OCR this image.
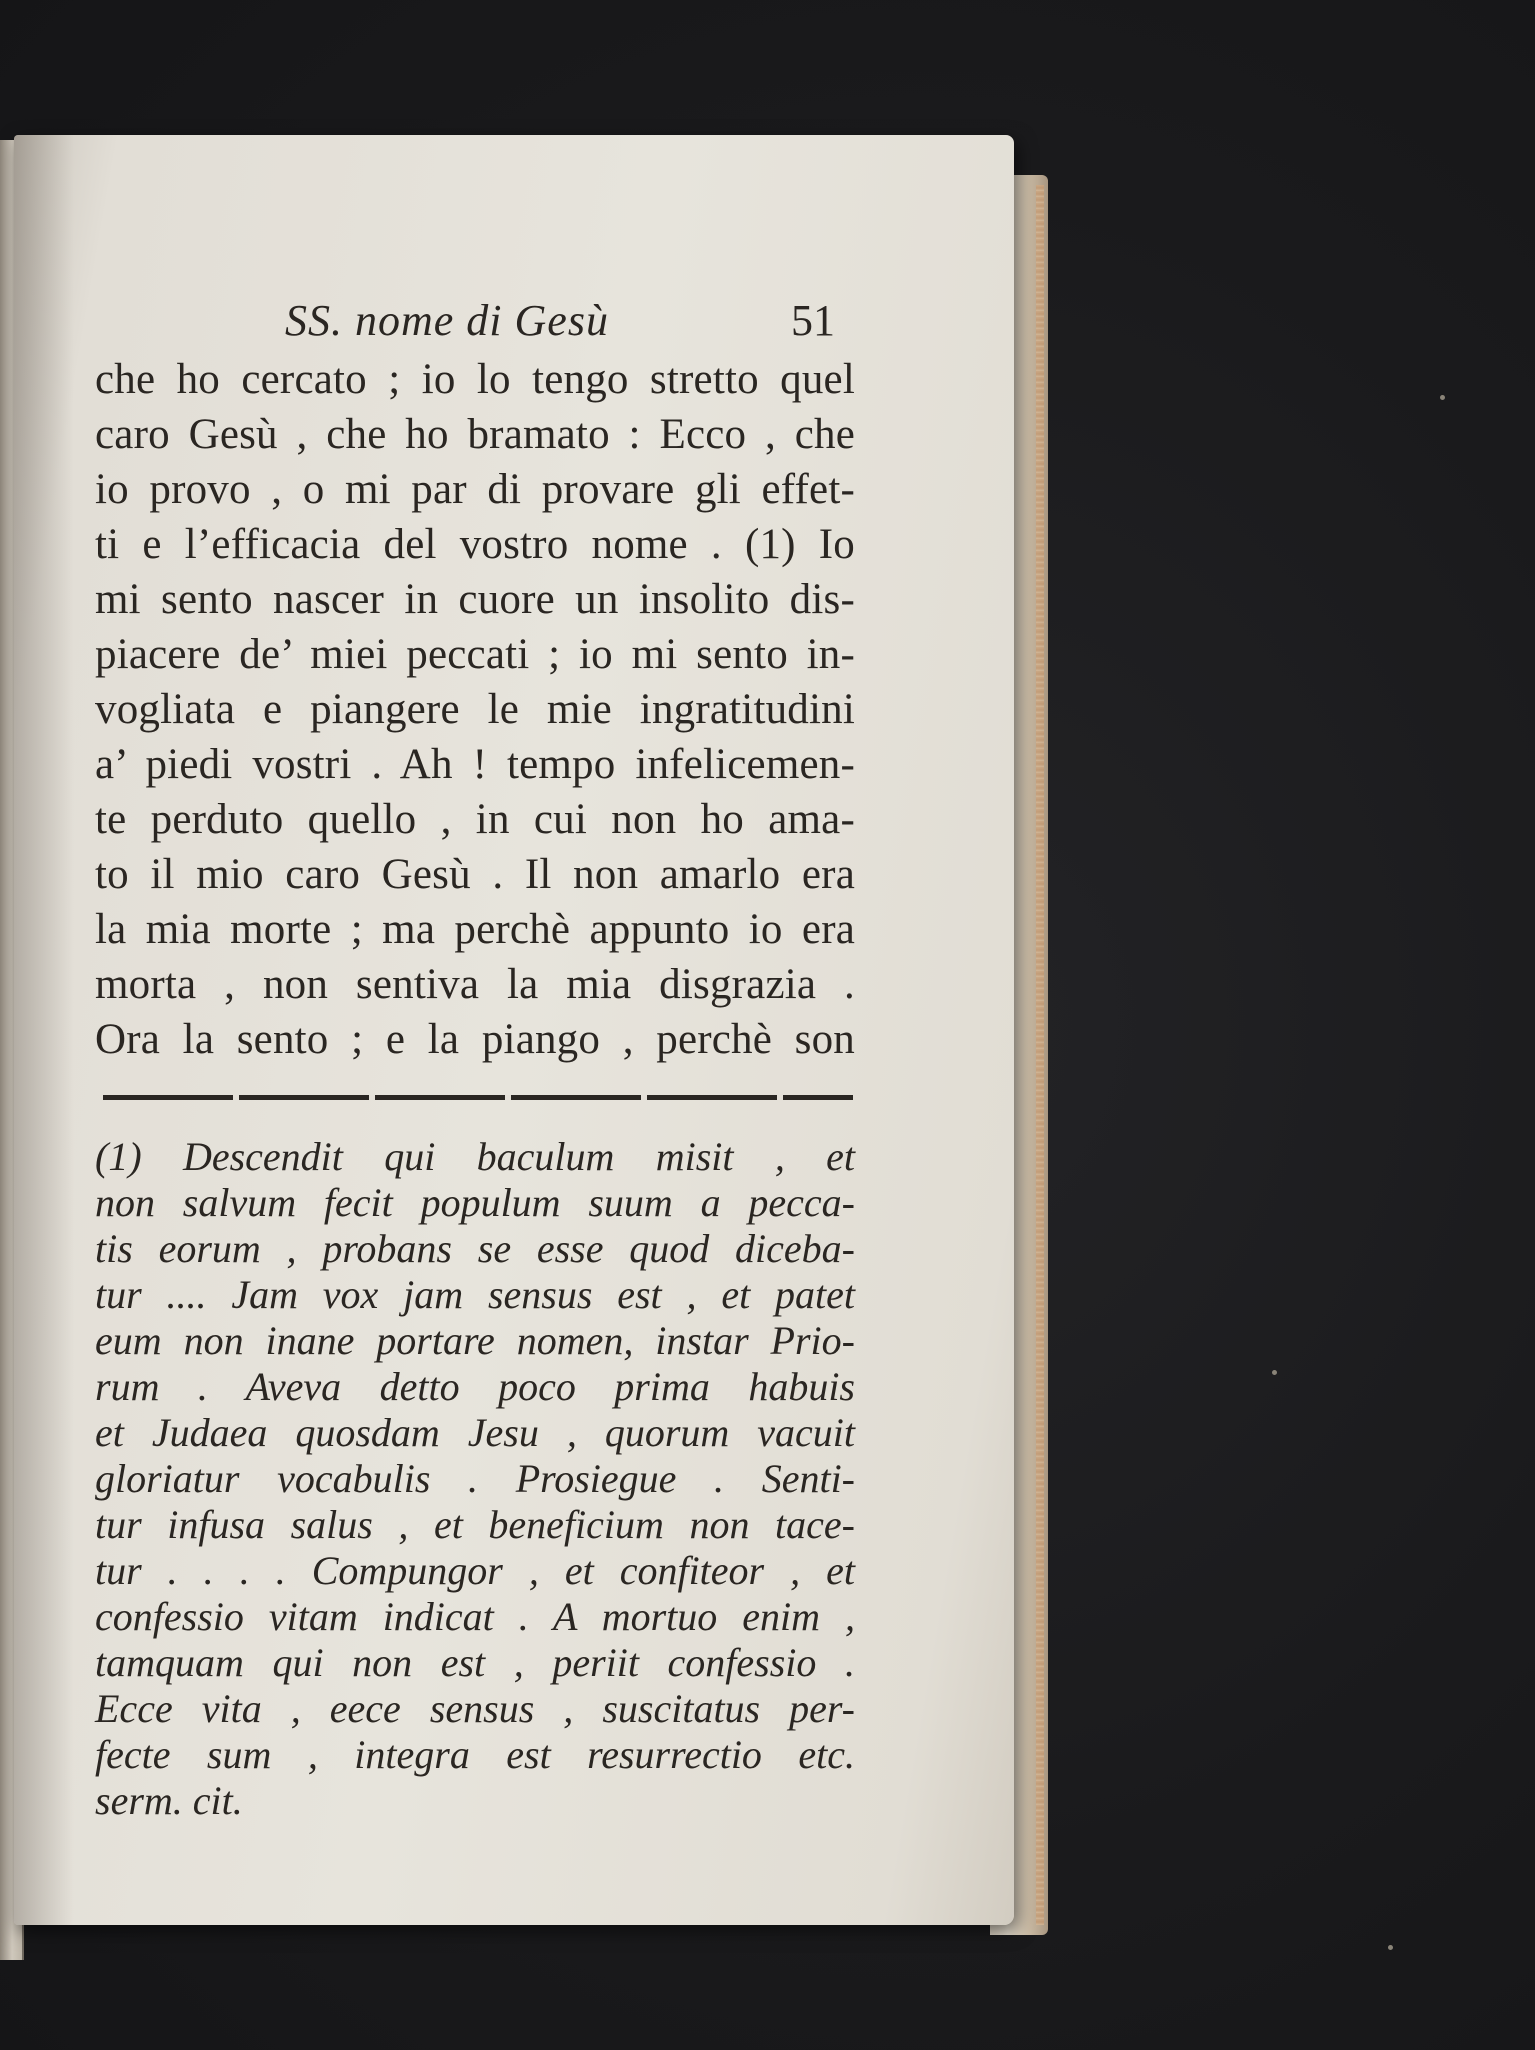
SS. nome di Gesù	51
che ho cercato ; io lo tengo stretto quel
caro Gesù , che ho bramato : Ecco , che
io provo , o mi par di provare gli effet-
ti e l’efficacia del vostro nome . (1) Io
mi sento nascer in cuore un insolito dis-
piacere de’ miei peccati ; io mi sento in-
vogliata e piangere le mie ingratitudini
a’ piedi vostri . Ah ! tempo infelicemen-
te perduto quello , in cui non ho ama-
to il mio caro Gesù . Il non amarlo era
la mia morte ; ma perchè appunto io era
morta , non sentiva la mia disgrazia .
Ora la sento ; e la piango , perchè son
(1) Descendit qui baculum misit , et
non salvum fecit populum suum a pecca-
tis eorum , probans se esse quod diceba-
tur .... Jam vox jam sensus est , et patet
eum non inane portare nomen, instar Prio-
rum . Aveva detto poco prima habuis
et Judaea quosdam Jesu , quorum vacuit
gloriatur vocabulis . Prosiegue . Senti-
tur infusa salus , et beneficium non tace-
tur . . . . Compungor , et confiteor , et
confessio vitam indicat . A mortuo enim ,
tamquam qui non est , periit confessio .
Ecce vita , eece sensus , suscitatus per-
fecte sum , integra est resurrectio etc.
serm. cit.
